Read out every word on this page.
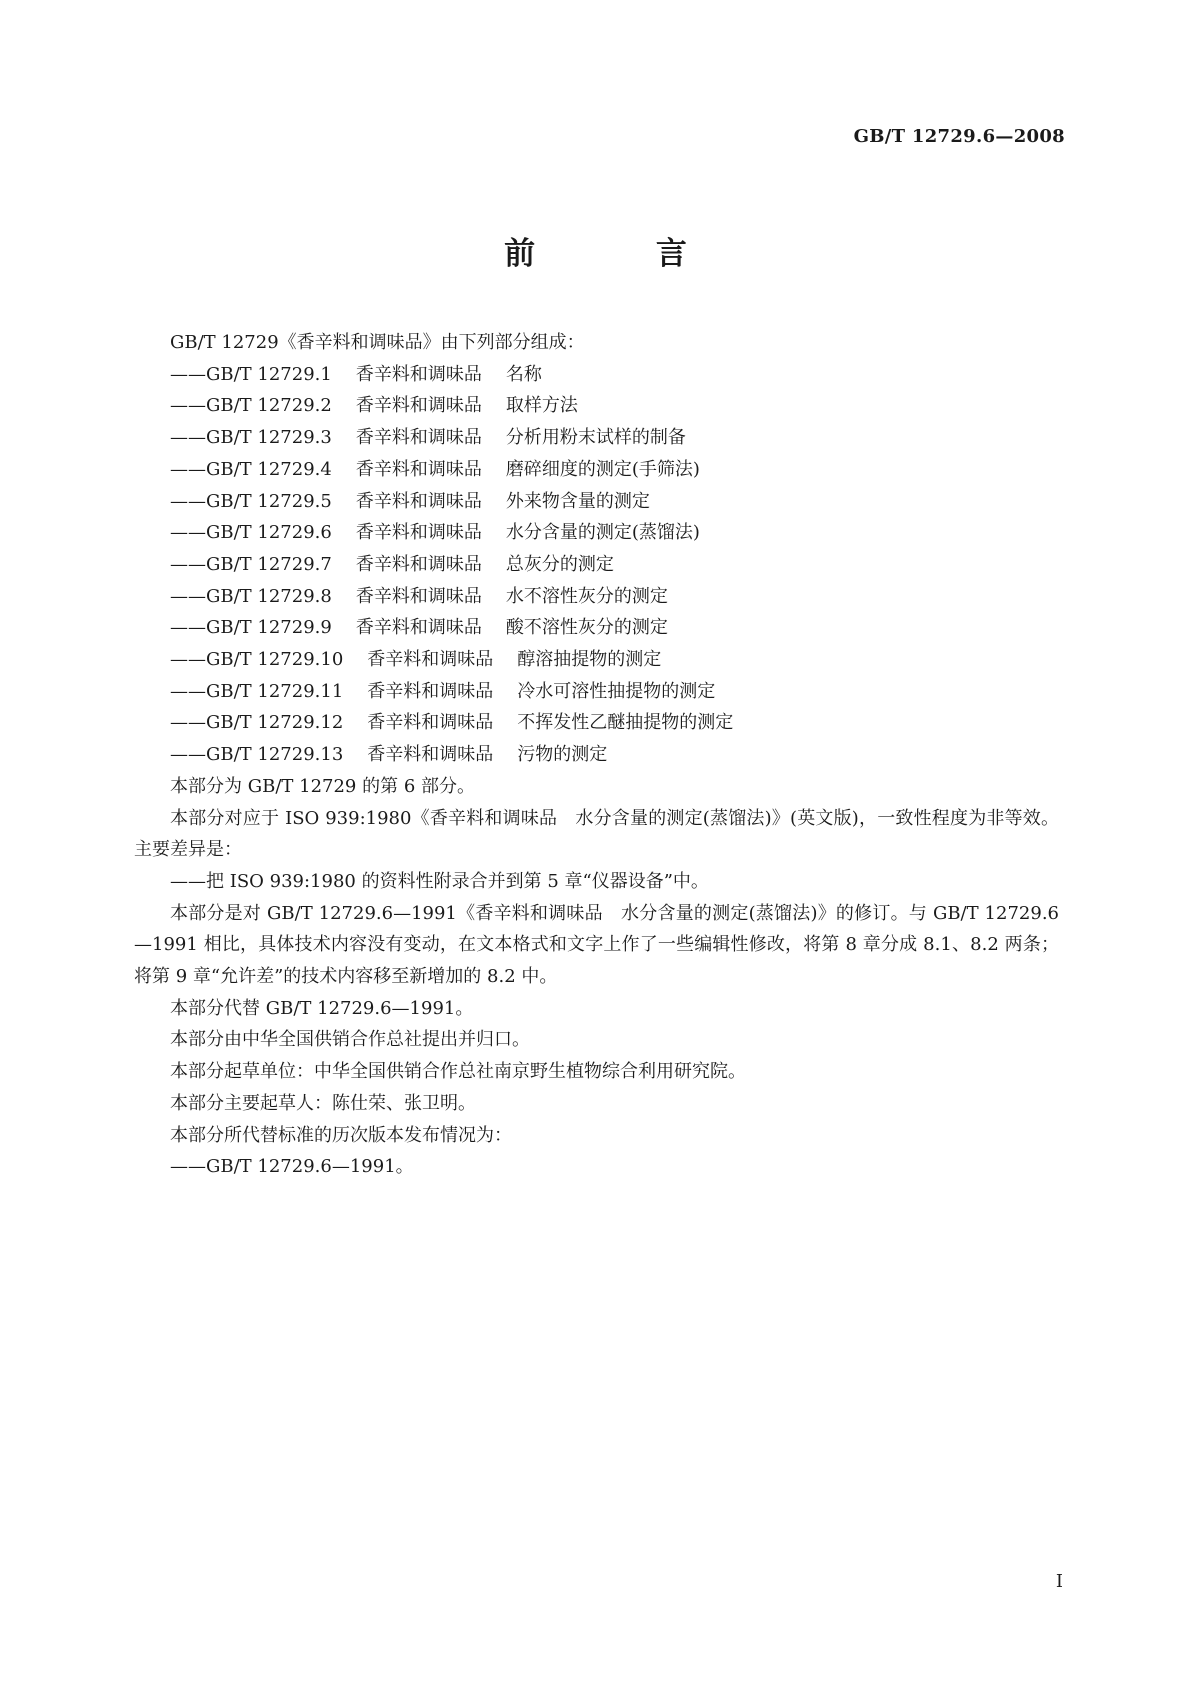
GB/T 12729.6—2008
前 言

GB/T 12729《香辛料和调味品》由下列部分组成：

——GB/T 12729.1 香辛料和调味品 名称

——GB/T 12729.2 香辛料和调味品 取样方法

——GB/T 12729.3 香辛料和调味品 分析用粉末试样的制备

——GB/T 12729.4 香辛料和调味品 磨碎细度的测定(手筛法)

——GB/T 12729.5 香辛料和调味品 外来物含量的测定

——GB/T 12729.6 香辛料和调味品 水分含量的测定(蒸馏法)

——GB/T 12729.7 香辛料和调味品 总灰分的测定

——GB/T 12729.8 香辛料和调味品 水不溶性灰分的测定

——GB/T 12729.9 香辛料和调味品 酸不溶性灰分的测定

——GB/T 12729.10 香辛料和调味品 醇溶抽提物的测定

——GB/T 12729.11 香辛料和调味品 冷水可溶性抽提物的测定

——GB/T 12729.12 香辛料和调味品 不挥发性乙醚抽提物的测定

——GB/T 12729.13 香辛料和调味品 污物的测定

本部分为 GB/T 12729 的第 6 部分。

本部分对应于 ISO 939:1980《香辛料和调味品　水分含量的测定(蒸馏法)》(英文版)，一致性程度为非等效。主要差异是：

——把 ISO 939:1980 的资料性附录合并到第 5 章“仪器设备”中。

本部分是对 GB/T 12729.6—1991《香辛料和调味品　水分含量的测定(蒸馏法)》的修订。与 GB/T 12729.6—1991 相比，具体技术内容没有变动，在文本格式和文字上作了一些编辑性修改，将第 8 章分成 8.1、8.2 两条；将第 9 章“允许差”的技术内容移至新增加的 8.2 中。

本部分代替 GB/T 12729.6—1991。

本部分由中华全国供销合作总社提出并归口。

本部分起草单位：中华全国供销合作总社南京野生植物综合利用研究院。

本部分主要起草人：陈仕荣、张卫明。

本部分所代替标准的历次版本发布情况为：

——GB/T 12729.6—1991。

I
